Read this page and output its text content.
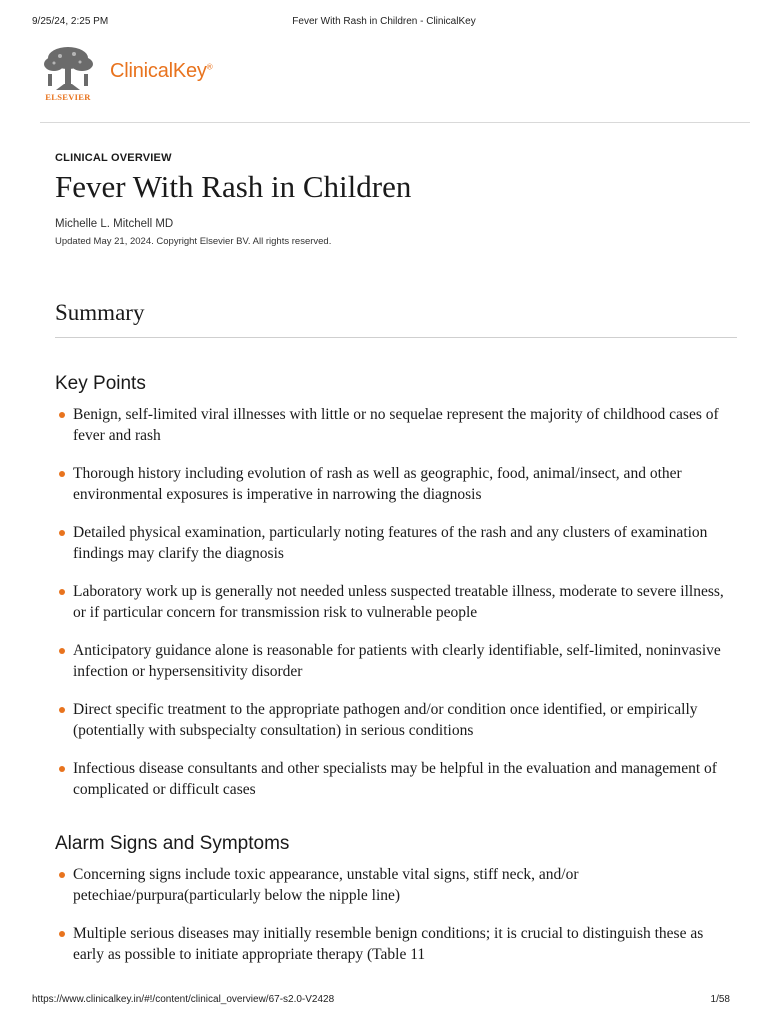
9/25/24, 2:25 PM	Fever With Rash in Children - ClinicalKey
ClinicalKey®
ELSEVIER

CLINICAL OVERVIEW

Fever With Rash in Children
Michelle L. Mitchell MD
Updated May 21, 2024. Copyright Elsevier BV. All rights reserved.
Summary
Key Points
Benign, self-limited viral illnesses with little or no sequelae represent the majority of childhood cases of fever and rash
Thorough history including evolution of rash as well as geographic, food, animal/insect, and other environmental exposures is imperative in narrowing the diagnosis
Detailed physical examination, particularly noting features of the rash and any clusters of examination findings may clarify the diagnosis
Laboratory work up is generally not needed unless suspected treatable illness, moderate to severe illness, or if particular concern for transmission risk to vulnerable people
Anticipatory guidance alone is reasonable for patients with clearly identifiable, self-limited, noninvasive infection or hypersensitivity disorder
Direct specific treatment to the appropriate pathogen and/or condition once identified, or empirically (potentially with subspecialty consultation) in serious conditions
Infectious disease consultants and other specialists may be helpful in the evaluation and management of complicated or difficult cases
Alarm Signs and Symptoms
Concerning signs include toxic appearance, unstable vital signs, stiff neck, and/or petechiae/purpura(particularly below the nipple line)
Multiple serious diseases may initially resemble benign conditions; it is crucial to distinguish these as early as possible to initiate appropriate therapy (Table 11
https://www.clinicalkey.in/#!/content/clinical_overview/67-s2.0-V2428	1/58
